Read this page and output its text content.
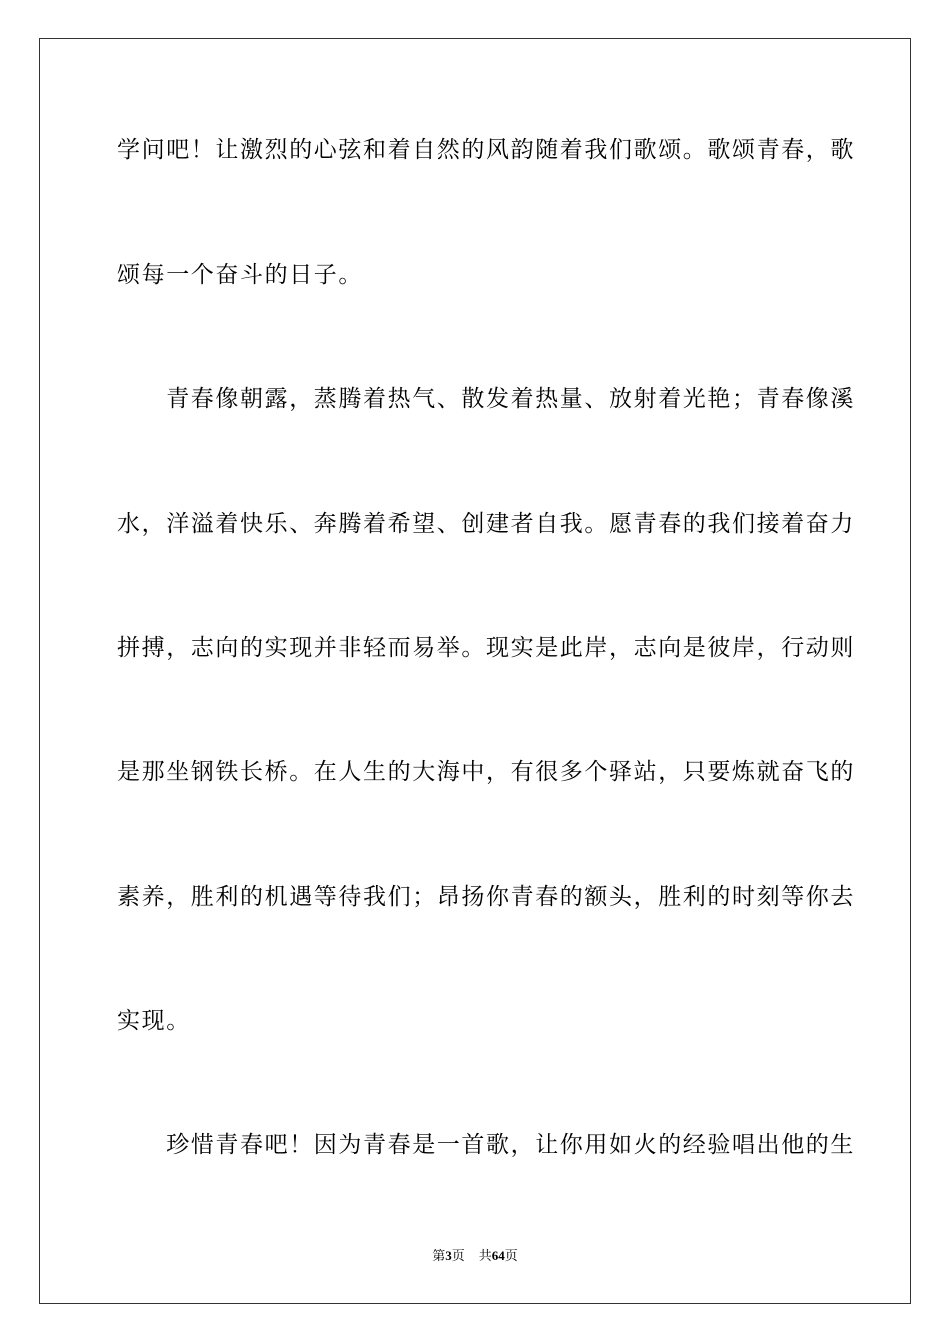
学问吧！让激烈的心弦和着自然的风韵随着我们歌颂。歌颂青春，歌
颂每一个奋斗的日子。
　　青春像朝露，蒸腾着热气、散发着热量、放射着光艳；青春像溪
水，洋溢着快乐、奔腾着希望、创建者自我。愿青春的我们接着奋力
拼搏，志向的实现并非轻而易举。现实是此岸，志向是彼岸，行动则
是那坐钢铁长桥。在人生的大海中，有很多个驿站，只要炼就奋飞的
素养，胜利的机遇等待我们；昂扬你青春的额头，胜利的时刻等你去
实现。
　　珍惜青春吧！因为青春是一首歌，让你用如火的经验唱出他的生
第3页 共64页
